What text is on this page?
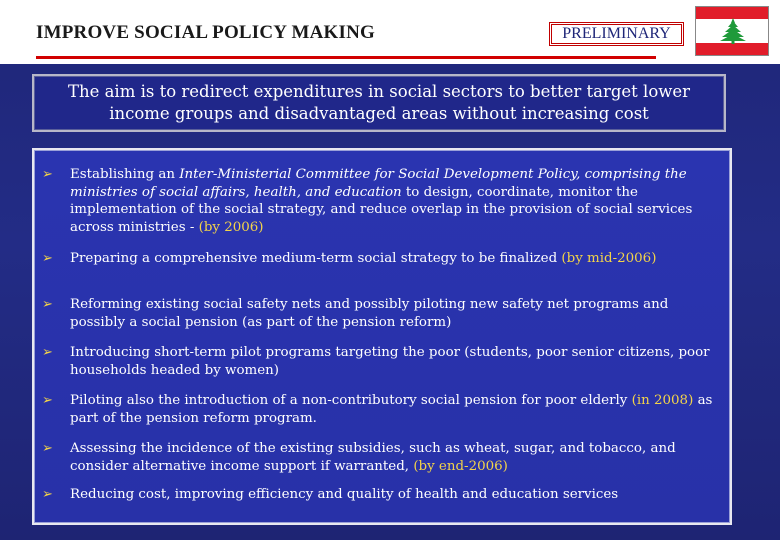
IMPROVE SOCIAL POLICY MAKING	PRELIMINARY
The aim is to redirect expenditures in social sectors to better target lower
income groups and disadvantaged areas without increasing cost
➢	Establishing an Inter-Ministerial Committee for Social Development Policy, comprising the ministries of social affairs, health, and education to design, coordinate, monitor the implementation of the social strategy, and reduce overlap in the provision of social services across ministries - (by 2006)
➢	Preparing a comprehensive medium-term social strategy to be finalized (by mid-2006)
➢	Reforming existing social safety nets and possibly piloting new safety net programs and possibly a social pension (as part of the pension reform)
➢	Introducing short-term pilot programs targeting the poor (students, poor senior citizens, poor households headed by women)
➢	Piloting also the introduction of a non-contributory social pension for poor elderly (in 2008) as part of the pension reform program.
➢	Assessing the incidence of the existing subsidies, such as wheat, sugar, and tobacco, and consider alternative income support if warranted, (by end-2006)
➢	Reducing cost, improving efficiency and quality of health and education services
